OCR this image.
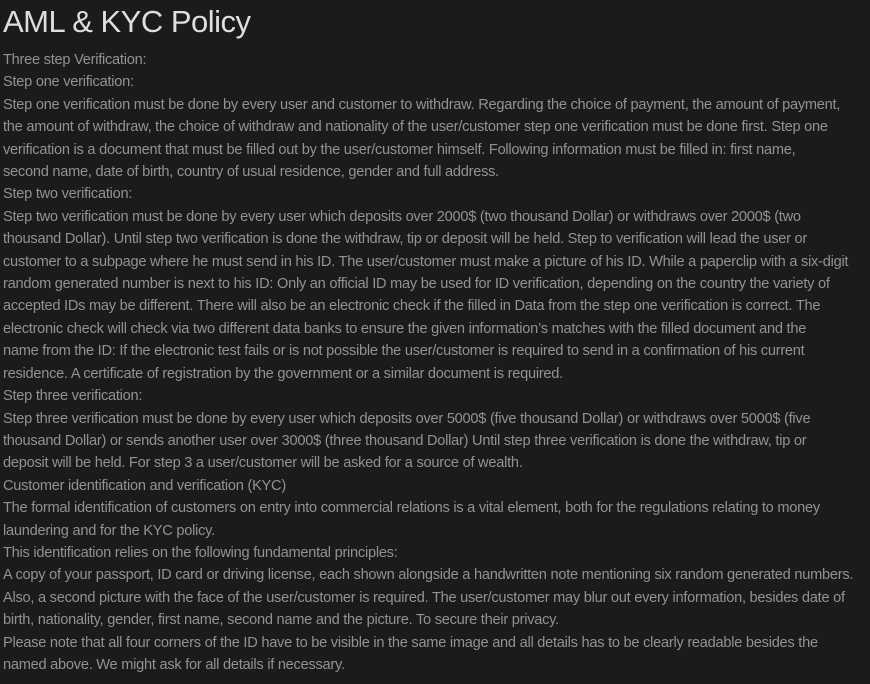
AML & KYC Policy
Three step Verification:
Step one verification:
Step one verification must be done by every user and customer to withdraw. Regarding the choice of payment, the amount of payment,
the amount of withdraw, the choice of withdraw and nationality of the user/customer step one verification must be done first. Step one
verification is a document that must be filled out by the user/customer himself. Following information must be filled in: first name,
second name, date of birth, country of usual residence, gender and full address.
Step two verification:
Step two verification must be done by every user which deposits over 2000$ (two thousand Dollar) or withdraws over 2000$ (two
thousand Dollar). Until step two verification is done the withdraw, tip or deposit will be held. Step to verification will lead the user or
customer to a subpage where he must send in his ID. The user/customer must make a picture of his ID. While a paperclip with a six-digit
random generated number is next to his ID: Only an official ID may be used for ID verification, depending on the country the variety of
accepted IDs may be different. There will also be an electronic check if the filled in Data from the step one verification is correct. The
electronic check will check via two different data banks to ensure the given information’s matches with the filled document and the
name from the ID: If the electronic test fails or is not possible the user/customer is required to send in a confirmation of his current
residence. A certificate of registration by the government or a similar document is required.
Step three verification:
Step three verification must be done by every user which deposits over 5000$ (five thousand Dollar) or withdraws over 5000$ (five
thousand Dollar) or sends another user over 3000$ (three thousand Dollar) Until step three verification is done the withdraw, tip or
deposit will be held. For step 3 a user/customer will be asked for a source of wealth.
Customer identification and verification (KYC)
The formal identification of customers on entry into commercial relations is a vital element, both for the regulations relating to money
laundering and for the KYC policy.
This identification relies on the following fundamental principles:
A copy of your passport, ID card or driving license, each shown alongside a handwritten note mentioning six random generated numbers.
Also, a second picture with the face of the user/customer is required. The user/customer may blur out every information, besides date of
birth, nationality, gender, first name, second name and the picture. To secure their privacy.
Please note that all four corners of the ID have to be visible in the same image and all details has to be clearly readable besides the
named above. We might ask for all details if necessary.
